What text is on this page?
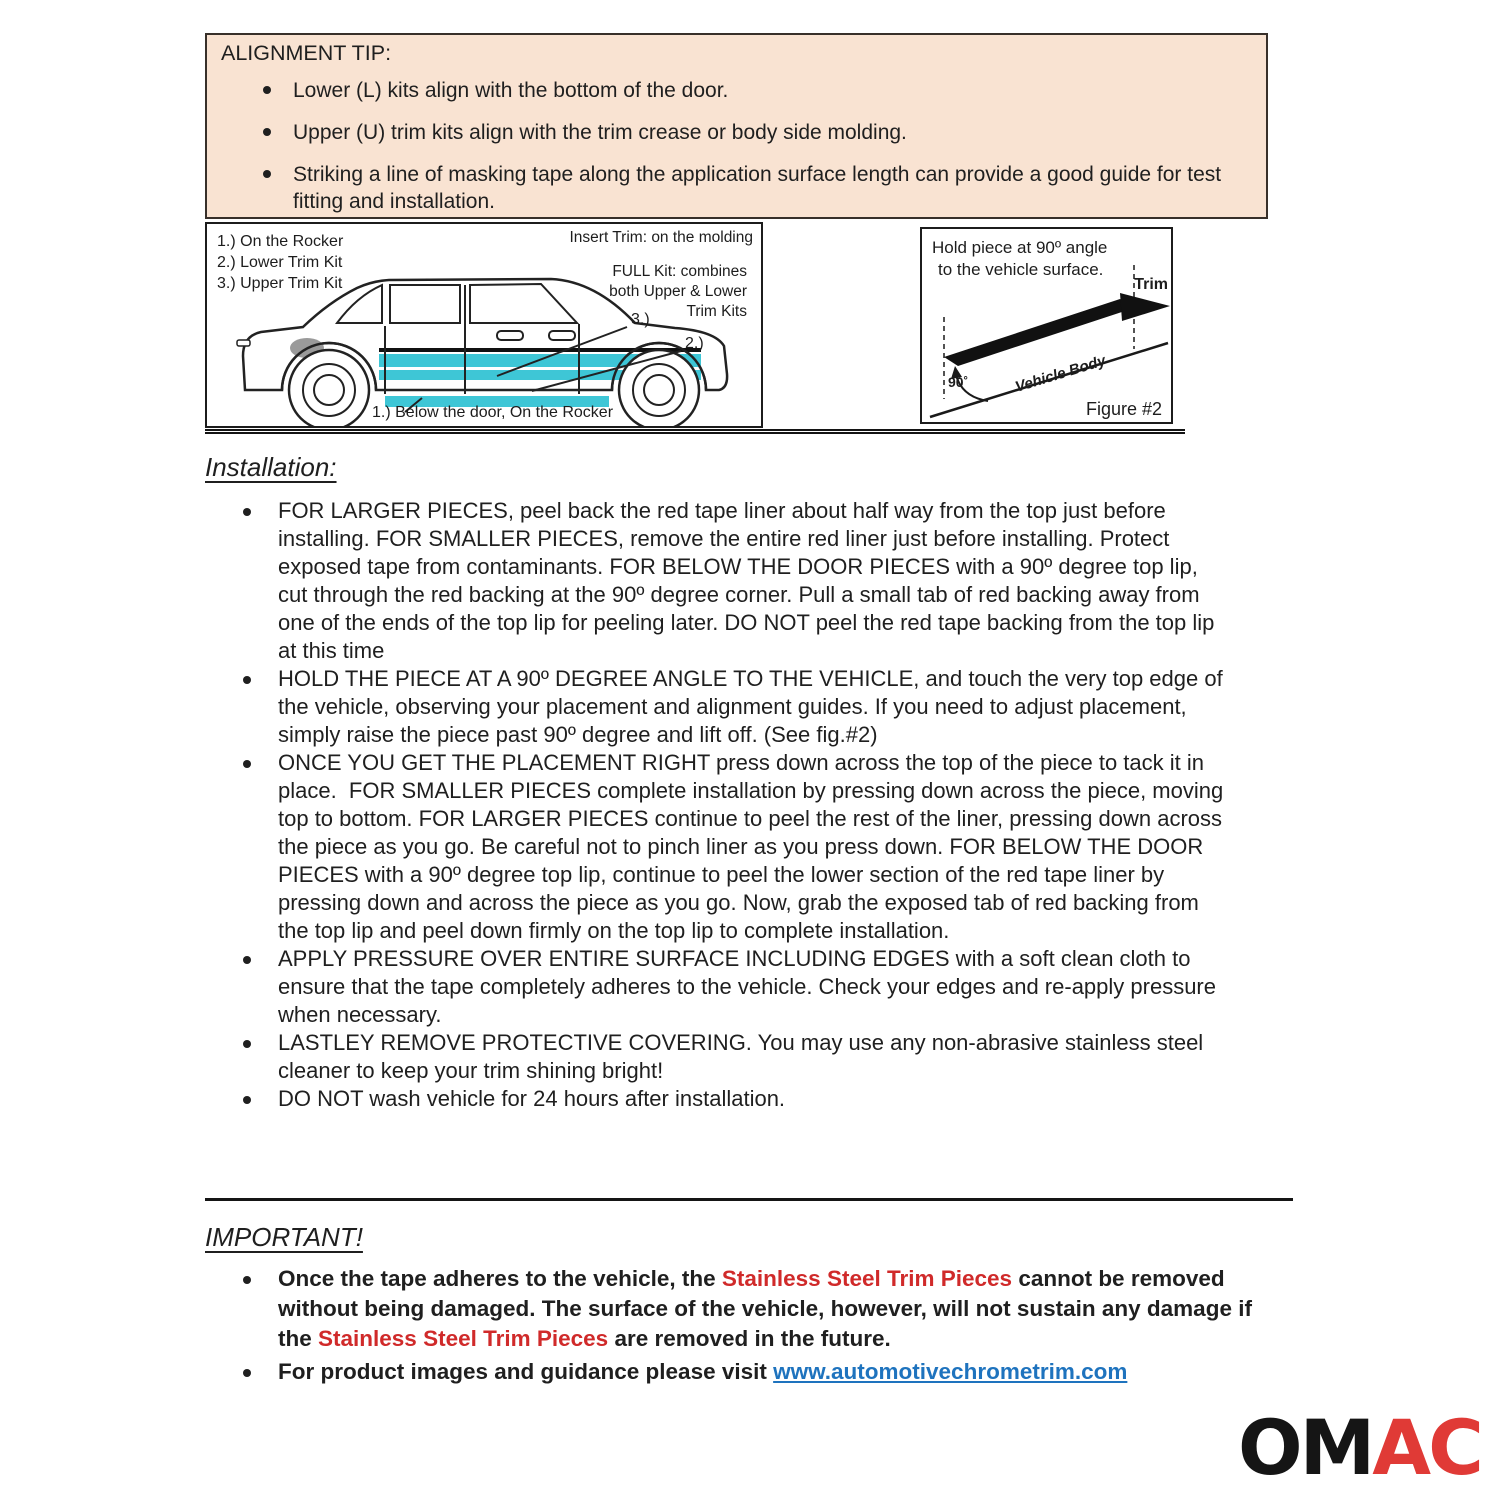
ALIGNMENT TIP:
Lower (L) kits align with the bottom of the door.
Upper (U) trim kits align with the trim crease or body side molding.
Striking a line of masking tape along the application surface length can provide a good guide for test fitting and installation.
1.) On the Rocker
2.) Lower Trim Kit
3.) Upper Trim Kit
Insert Trim: on the molding
FULL Kit: combines
both Upper & Lower
Trim Kits
3.)
2.)
1.) Below the door, On the Rocker
Hold piece at 90º angle
to the vehicle surface.
Trim
90˚	Vehicle Body
Figure #2
Installation:
FOR LARGER PIECES, peel back the red tape liner about half way from the top just before installing. FOR SMALLER PIECES, remove the entire red liner just before installing. Protect exposed tape from contaminants. FOR BELOW THE DOOR PIECES with a 90º degree top lip, cut through the red backing at the 90º degree corner. Pull a small tab of red backing away from one of the ends of the top lip for peeling later. DO NOT peel the red tape backing from the top lip at this time
HOLD THE PIECE AT A 90º DEGREE ANGLE TO THE VEHICLE, and touch the very top edge of the vehicle, observing your placement and alignment guides. If you need to adjust placement, simply raise the piece past 90º degree and lift off. (See fig.#2)
ONCE YOU GET THE PLACEMENT RIGHT press down across the top of the piece to tack it in place.  FOR SMALLER PIECES complete installation by pressing down across the piece, moving top to bottom. FOR LARGER PIECES continue to peel the rest of the liner, pressing down across the piece as you go. Be careful not to pinch liner as you press down. FOR BELOW THE DOOR PIECES with a 90º degree top lip, continue to peel the lower section of the red tape liner by pressing down and across the piece as you go. Now, grab the exposed tab of red backing from the top lip and peel down firmly on the top lip to complete installation.
APPLY PRESSURE OVER ENTIRE SURFACE INCLUDING EDGES with a soft clean cloth to ensure that the tape completely adheres to the vehicle. Check your edges and re-apply pressure when necessary.
LASTLEY REMOVE PROTECTIVE COVERING. You may use any non-abrasive stainless steel cleaner to keep your trim shining bright!
DO NOT wash vehicle for 24 hours after installation.
IMPORTANT!
Once the tape adheres to the vehicle, the Stainless Steel Trim Pieces cannot be removed without being damaged. The surface of the vehicle, however, will not sustain any damage if the Stainless Steel Trim Pieces are removed in the future.
For product images and guidance please visit www.automotivechrometrim.com
OMAC
